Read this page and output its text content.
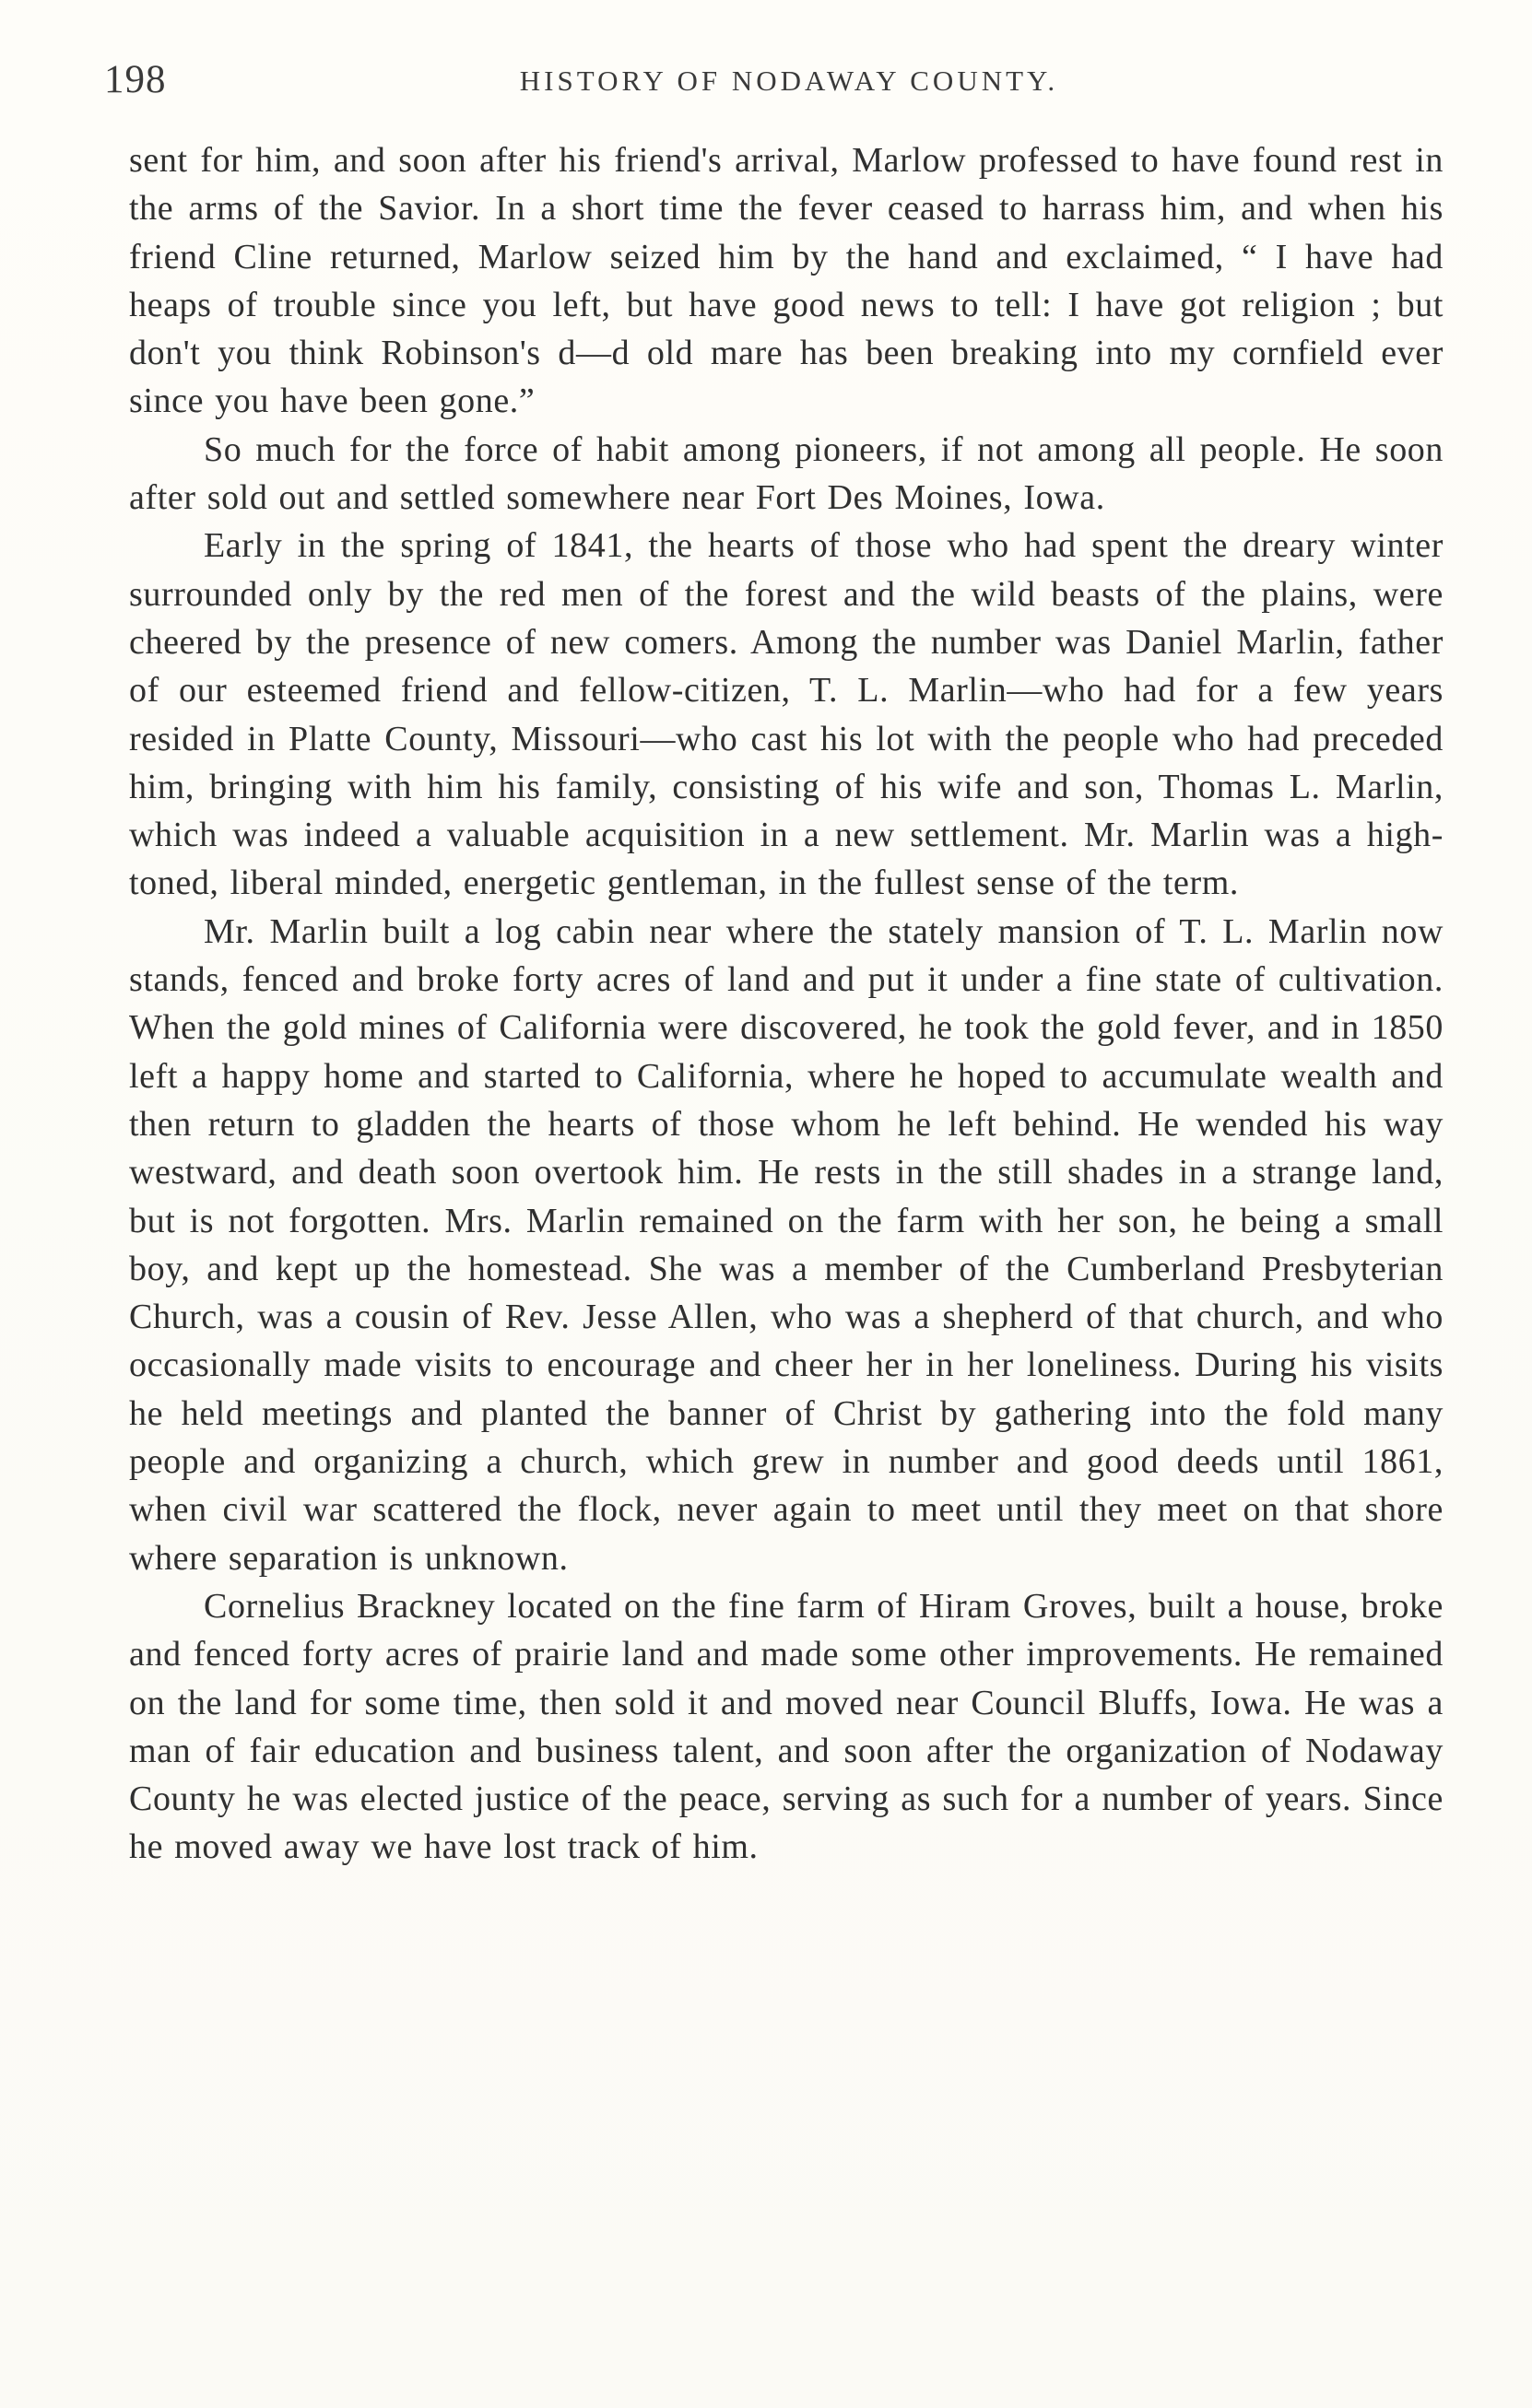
198	HISTORY OF NODAWAY COUNTY.

sent for him, and soon after his friend's arrival, Marlow professed to have found rest in the arms of the Savior. In a short time the fever ceased to harrass him, and when his friend Cline returned, Marlow seized him by the hand and exclaimed, “ I have had heaps of trouble since you left, but have good news to tell: I have got religion ; but don't you think Robinson's d—d old mare has been breaking into my cornfield ever since you have been gone.”

So much for the force of habit among pioneers, if not among all people. He soon after sold out and settled somewhere near Fort Des Moines, Iowa.

Early in the spring of 1841, the hearts of those who had spent the dreary winter surrounded only by the red men of the forest and the wild beasts of the plains, were cheered by the presence of new comers. Among the number was Daniel Marlin, father of our esteemed friend and fellow-citizen, T. L. Marlin—who had for a few years resided in Platte County, Missouri—who cast his lot with the people who had preceded him, bringing with him his family, consisting of his wife and son, Thomas L. Marlin, which was indeed a valuable acquisition in a new settlement. Mr. Marlin was a high-toned, liberal minded, energetic gentleman, in the fullest sense of the term.

Mr. Marlin built a log cabin near where the stately mansion of T. L. Marlin now stands, fenced and broke forty acres of land and put it under a fine state of cultivation. When the gold mines of California were discovered, he took the gold fever, and in 1850 left a happy home and started to California, where he hoped to accumulate wealth and then return to gladden the hearts of those whom he left behind. He wended his way westward, and death soon overtook him. He rests in the still shades in a strange land, but is not forgotten. Mrs. Marlin remained on the farm with her son, he being a small boy, and kept up the homestead. She was a member of the Cumberland Presbyterian Church, was a cousin of Rev. Jesse Allen, who was a shepherd of that church, and who occasionally made visits to encourage and cheer her in her loneliness. During his visits he held meetings and planted the banner of Christ by gathering into the fold many people and organizing a church, which grew in number and good deeds until 1861, when civil war scattered the flock, never again to meet until they meet on that shore where separation is unknown.

Cornelius Brackney located on the fine farm of Hiram Groves, built a house, broke and fenced forty acres of prairie land and made some other improvements. He remained on the land for some time, then sold it and moved near Council Bluffs, Iowa. He was a man of fair education and business talent, and soon after the organization of Nodaway County he was elected justice of the peace, serving as such for a number of years. Since he moved away we have lost track of him.
